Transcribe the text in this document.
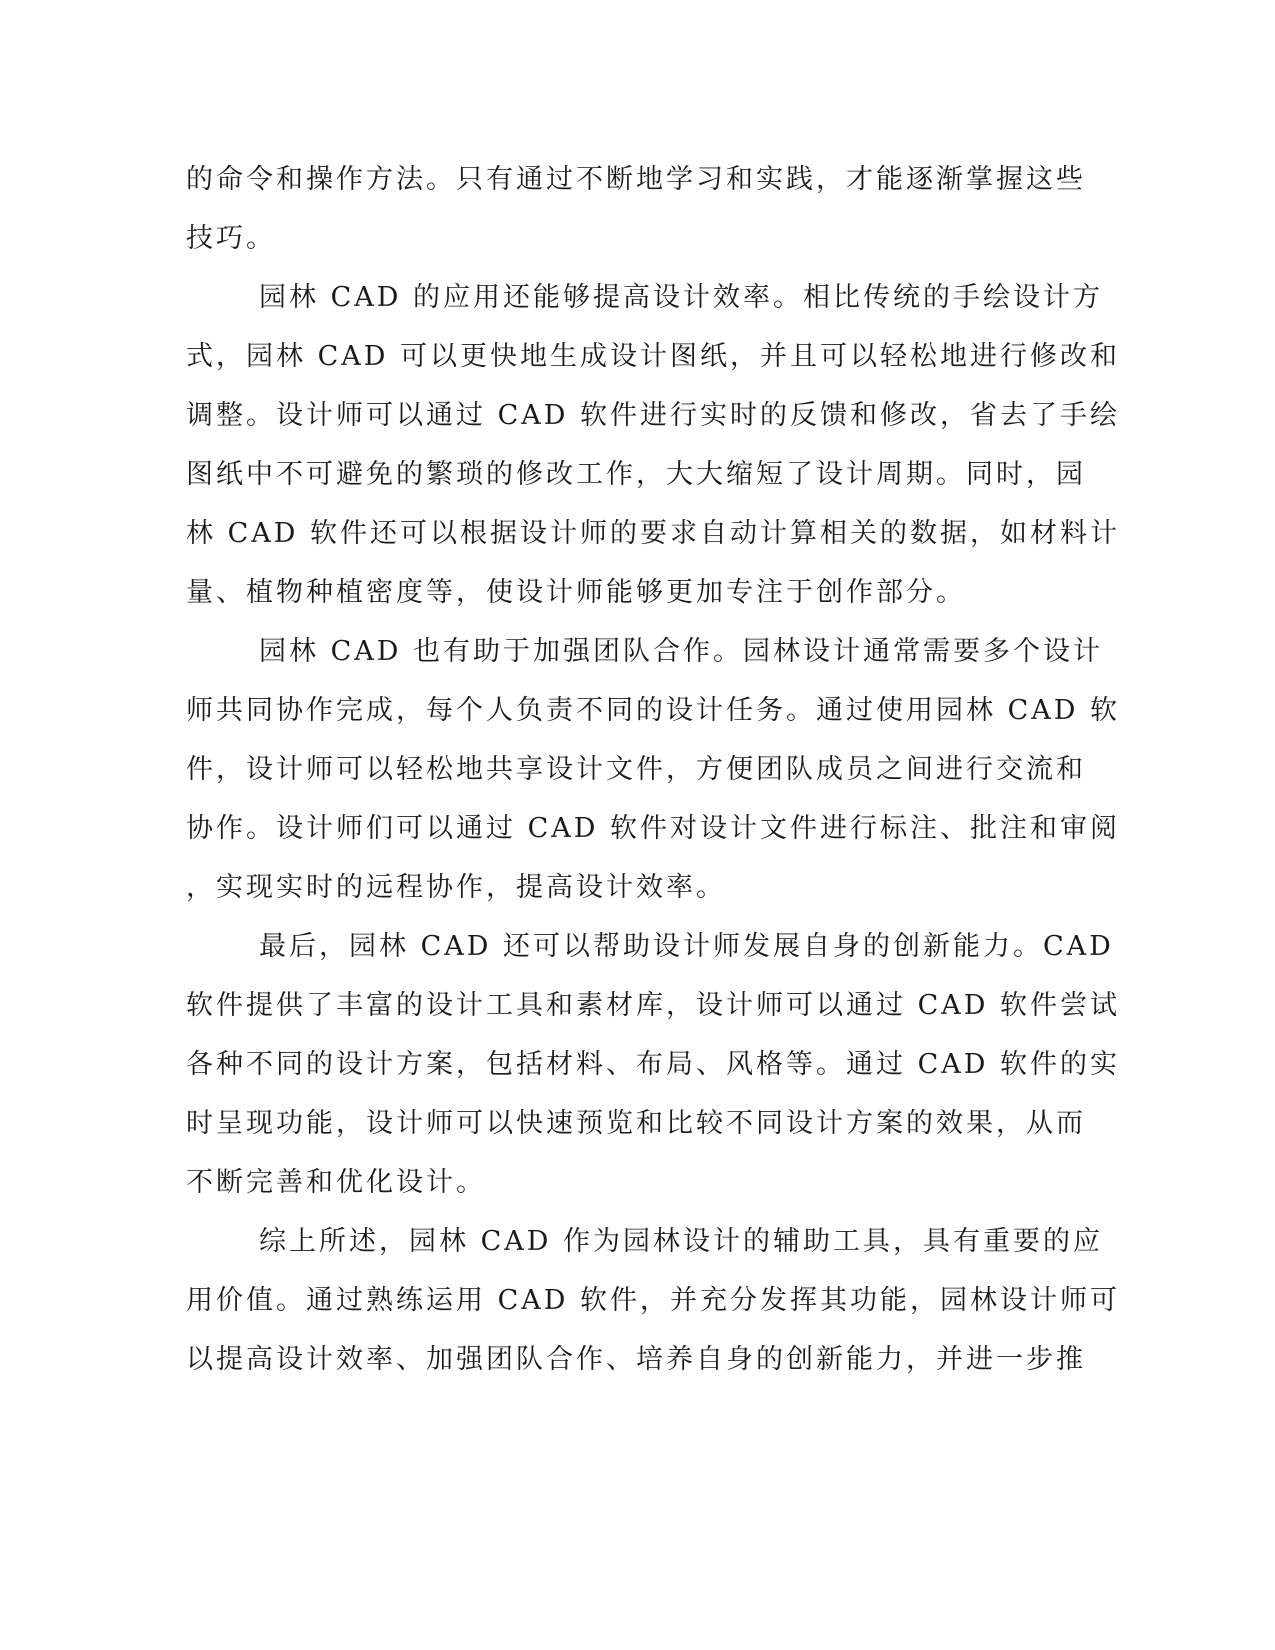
的命令和操作方法。只有通过不断地学习和实践，才能逐渐掌握这些
技巧。
园林 CAD 的应用还能够提高设计效率。相比传统的手绘设计方
式，园林 CAD 可以更快地生成设计图纸，并且可以轻松地进行修改和
调整。设计师可以通过 CAD 软件进行实时的反馈和修改，省去了手绘
图纸中不可避免的繁琐的修改工作，大大缩短了设计周期。同时，园
林 CAD 软件还可以根据设计师的要求自动计算相关的数据，如材料计
量、植物种植密度等，使设计师能够更加专注于创作部分。
园林 CAD 也有助于加强团队合作。园林设计通常需要多个设计
师共同协作完成，每个人负责不同的设计任务。通过使用园林 CAD 软
件，设计师可以轻松地共享设计文件，方便团队成员之间进行交流和
协作。设计师们可以通过 CAD 软件对设计文件进行标注、批注和审阅
，实现实时的远程协作，提高设计效率。
最后，园林 CAD 还可以帮助设计师发展自身的创新能力。CAD
软件提供了丰富的设计工具和素材库，设计师可以通过 CAD 软件尝试
各种不同的设计方案，包括材料、布局、风格等。通过 CAD 软件的实
时呈现功能，设计师可以快速预览和比较不同设计方案的效果，从而
不断完善和优化设计。
综上所述，园林 CAD 作为园林设计的辅助工具，具有重要的应
用价值。通过熟练运用 CAD 软件，并充分发挥其功能，园林设计师可
以提高设计效率、加强团队合作、培养自身的创新能力，并进一步推
